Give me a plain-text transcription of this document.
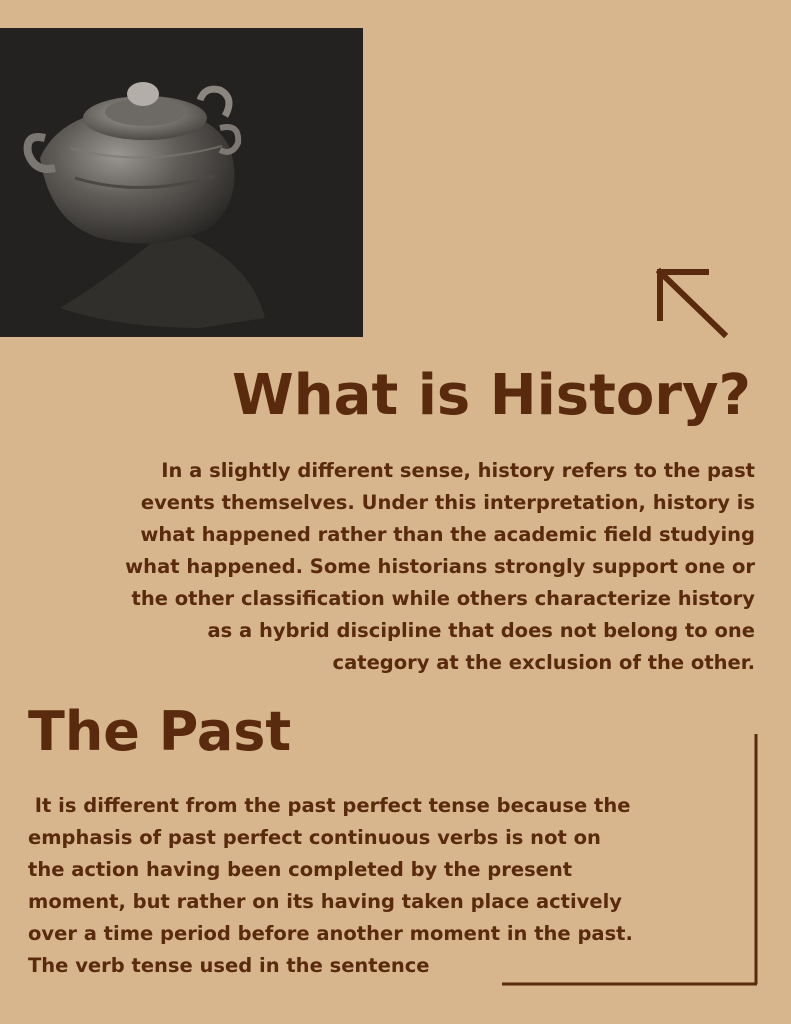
What is History?

In a slightly different sense, history refers to the past
events themselves. Under this interpretation, history is
what happened rather than the academic field studying
what happened. Some historians strongly support one or
the other classification while others characterize history
as a hybrid discipline that does not belong to one
category at the exclusion of the other.

The Past

It is different from the past perfect tense because the
emphasis of past perfect continuous verbs is not on
the action having been completed by the present
moment, but rather on its having taken place actively
over a time period before another moment in the past.
The verb tense used in the sentence
